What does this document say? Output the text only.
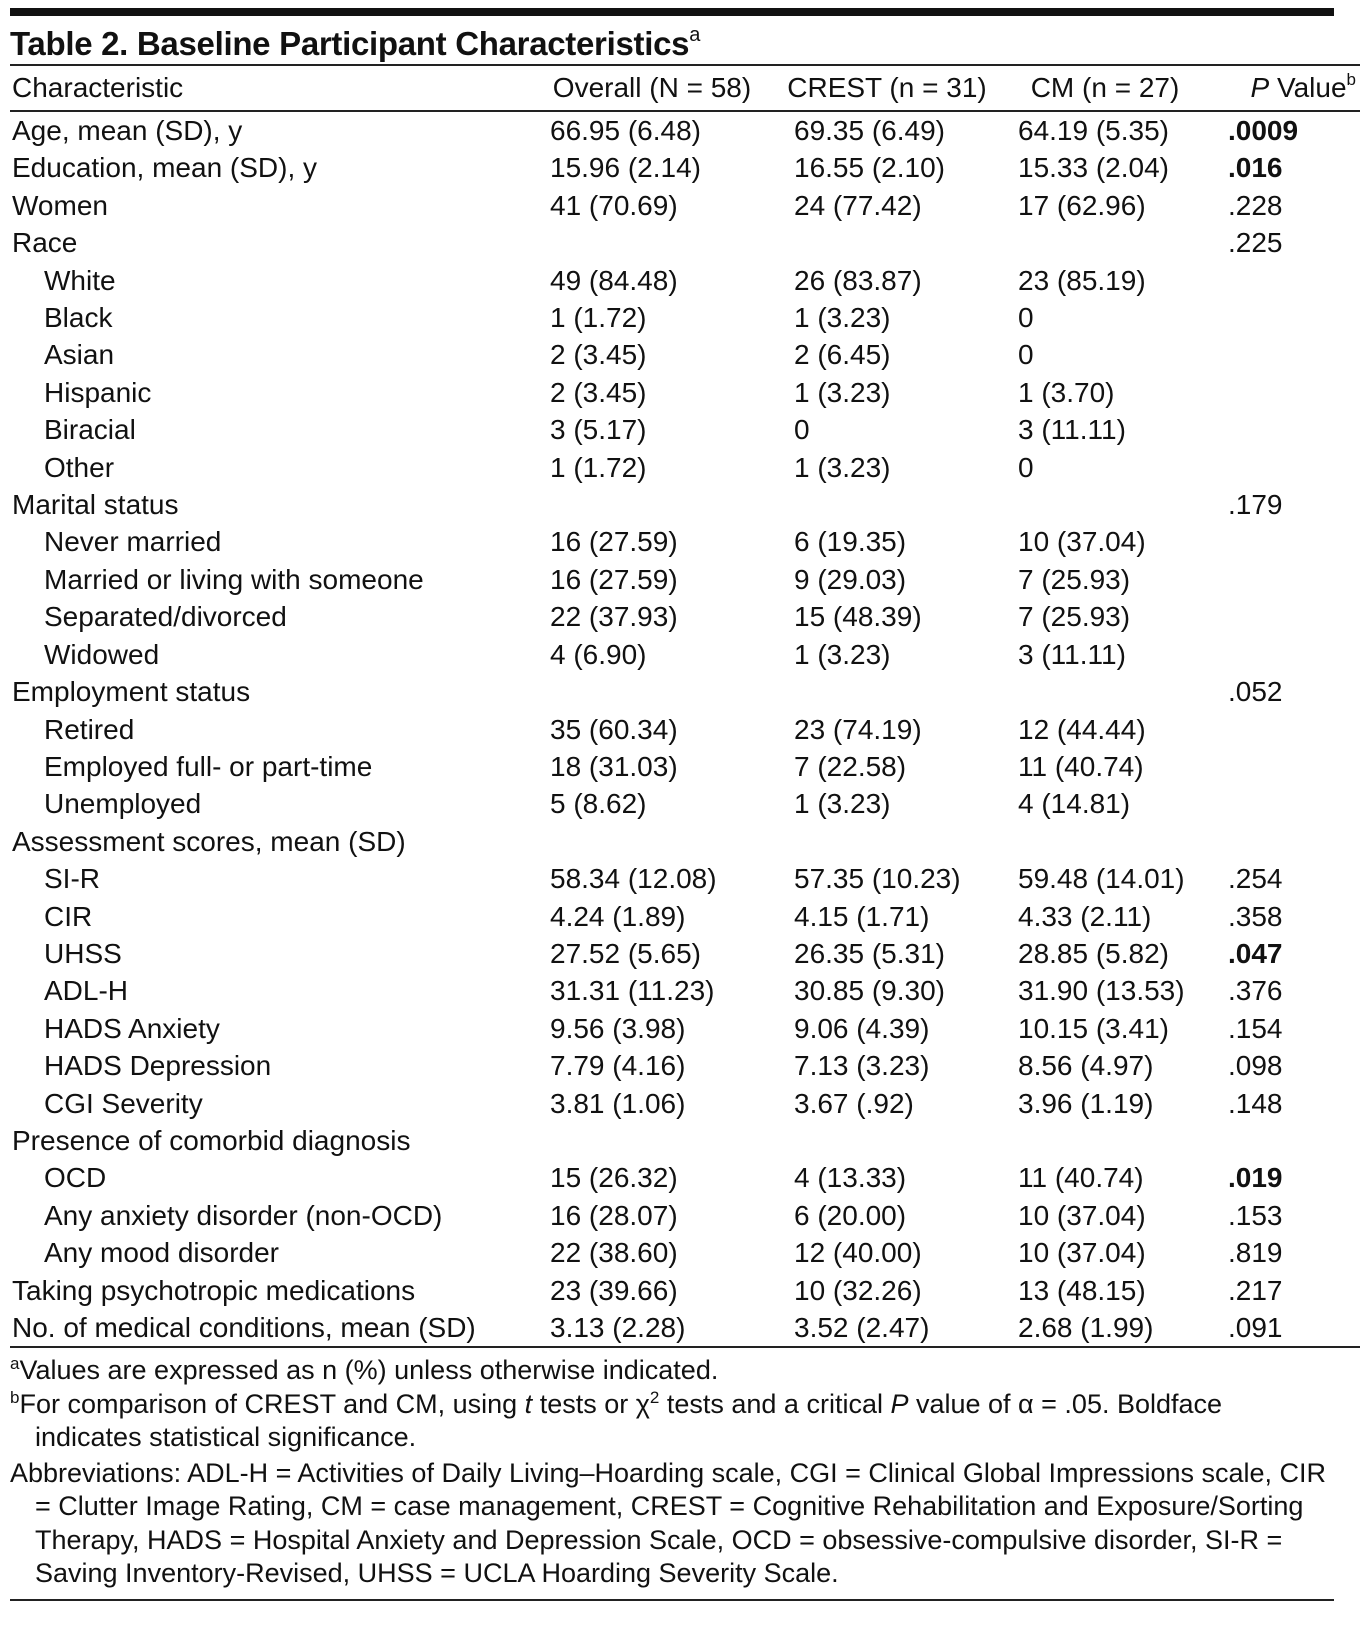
Table 2. Baseline Participant Characteristics$^a$
Characteristic	Overall (N = 58)	CREST (n = 31)	CM (n = 27)	P Value$^b$
Age, mean (SD), y	66.95 (6.48)	69.35 (6.49)	64.19 (5.35)	.0009
Education, mean (SD), y	15.96 (2.14)	16.55 (2.10)	15.33 (2.04)	.016
Women	41 (70.69)	24 (77.42)	17 (62.96)	.228
Race				.225
White	49 (84.48)	26 (83.87)	23 (85.19)	
Black	1 (1.72)	1 (3.23)	0	
Asian	2 (3.45)	2 (6.45)	0	
Hispanic	2 (3.45)	1 (3.23)	1 (3.70)	
Biracial	3 (5.17)	0	3 (11.11)	
Other	1 (1.72)	1 (3.23)	0	
Marital status				.179
Never married	16 (27.59)	6 (19.35)	10 (37.04)	
Married or living with someone	16 (27.59)	9 (29.03)	7 (25.93)	
Separated/divorced	22 (37.93)	15 (48.39)	7 (25.93)	
Widowed	4 (6.90)	1 (3.23)	3 (11.11)	
Employment status				.052
Retired	35 (60.34)	23 (74.19)	12 (44.44)	
Employed full- or part-time	18 (31.03)	7 (22.58)	11 (40.74)	
Unemployed	5 (8.62)	1 (3.23)	4 (14.81)	
Assessment scores, mean (SD)				
SI-R	58.34 (12.08)	57.35 (10.23)	59.48 (14.01)	.254
CIR	4.24 (1.89)	4.15 (1.71)	4.33 (2.11)	.358
UHSS	27.52 (5.65)	26.35 (5.31)	28.85 (5.82)	.047
ADL-H	31.31 (11.23)	30.85 (9.30)	31.90 (13.53)	.376
HADS Anxiety	9.56 (3.98)	9.06 (4.39)	10.15 (3.41)	.154
HADS Depression	7.79 (4.16)	7.13 (3.23)	8.56 (4.97)	.098
CGI Severity	3.81 (1.06)	3.67 (.92)	3.96 (1.19)	.148
Presence of comorbid diagnosis				
OCD	15 (26.32)	4 (13.33)	11 (40.74)	.019
Any anxiety disorder (non-OCD)	16 (28.07)	6 (20.00)	10 (37.04)	.153
Any mood disorder	22 (38.60)	12 (40.00)	10 (37.04)	.819
Taking psychotropic medications	23 (39.66)	10 (32.26)	13 (48.15)	.217
No. of medical conditions, mean (SD)	3.13 (2.28)	3.52 (2.47)	2.68 (1.99)	.091

$^a$Values are expressed as n (%) unless otherwise indicated.

$^b$For comparison of CREST and CM, using t tests or $\chi^2$ tests and a critical P value of α = .05. Boldface indicates statistical significance.

Abbreviations: ADL-H = Activities of Daily Living–Hoarding scale, CGI = Clinical Global Impressions scale, CIR = Clutter Image Rating, CM = case management, CREST = Cognitive Rehabilitation and Exposure/Sorting Therapy, HADS = Hospital Anxiety and Depression Scale, OCD = obsessive-compulsive disorder, SI-R = Saving Inventory-Revised, UHSS = UCLA Hoarding Severity Scale.
